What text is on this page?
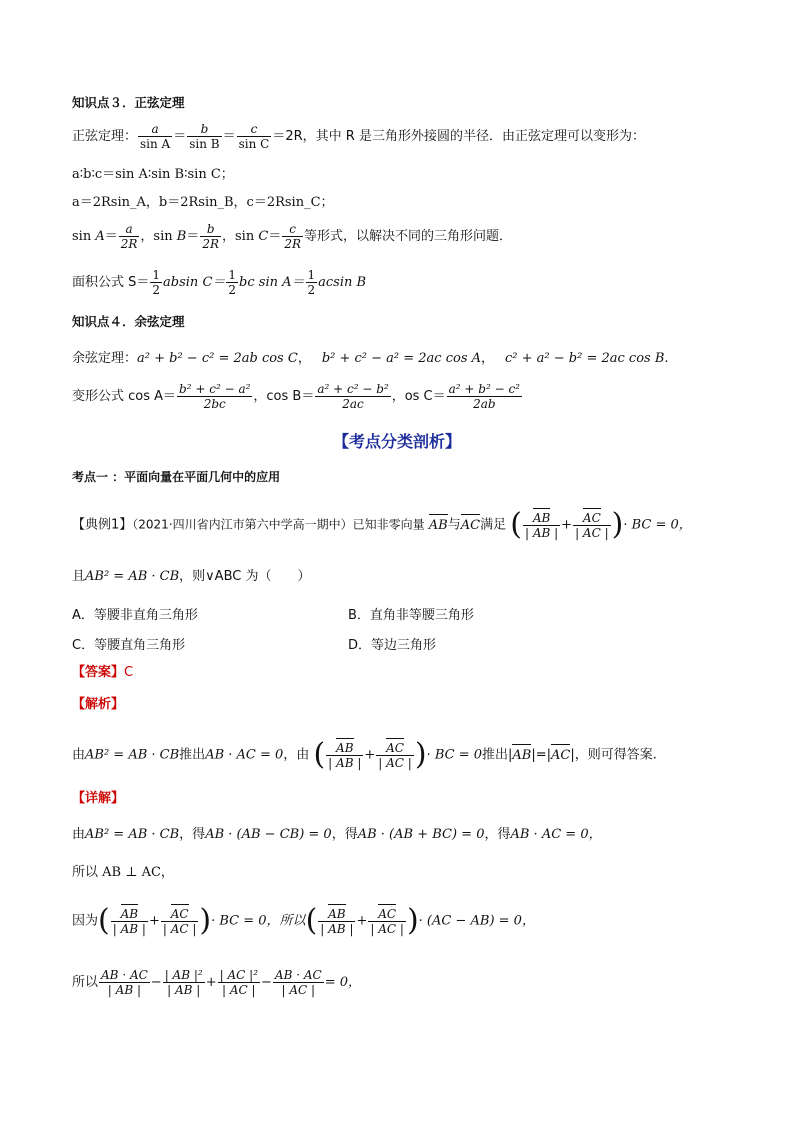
知识点３．正弦定理
正弦定理： $\frac{a}{\text{sin A}} = \frac{b}{\text{sin B}} = \frac{c}{\text{sin C}} =2R$，其中 R 是三角形外接圆的半径．由正弦定理可以变形为：
a∶b∶c＝sin A∶sin B∶sin C；
a＝2Rsin_A，b＝2Rsin_B，c＝2Rsin_C；
$\sin A= \frac{a}{2R}$ ，$\sin B= \frac{b}{2R}$ ，$\sin C= \frac{c}{2R}$ 等形式，以解决不同的三角形问题．
面积公式 $S= \frac{1}{2}$ absin $C= \frac{1}{2}$ bc $\sin A= \frac{1}{2}$ acsin B
知识点４．余弦定理
余弦定理：a² + b² − c² = 2ab cos C， b² + c² − a² = 2ac cos A， c² + a² − b² = 2ac cos B.
变形公式 $\cos A= \frac{\text{b² + c² − a²}}{2bc}$ ，$\cos B= \frac{\text{a² + c² − b²}}{2ac}$ ，os $C= \frac{\text{a² + b² − c²}}{2ab}$
【考点分类剖析】
考点一 ：平面向量在平面几何中的应用
【典例1】（2021·四川省内江市第六中学高一期中）已知非零向量 AB与AC满足 ( $\frac{AB}{| AB |} + \frac{AC}{| AC |}$ )· BC = 0，
且AB² = AB · CB，则∨ABC 为（　　）
A．等腰非直角三角形	B．直角非等腰三角形
C．等腰直角三角形	D．等边三角形
【答案】C
【解析】
由AB² = AB · CB推出AB · AC = 0，由 ( $\frac{AB}{| AB |} + \frac{AC}{| AC |}$ )· BC = 0推出|AB|=|AC|，则可得答案.
【详解】
由AB² = AB · CB，得AB · (AB − CB) = 0，得AB · (AB + BC) = 0，得AB · AC = 0，
所以 AB ⊥ AC，
因为( $\frac{AB}{| AB |} + \frac{AC}{| AC |}$ )· BC = 0，所以( $\frac{AB}{| AB |} + \frac{AC}{| AC |}$ )· (AC − AB) = 0，
所以 $\frac{AB \cdot AC}{| AB |} - \frac{\text{| AB |²}}{| AB |} + \frac{\text{| AC |²}}{| AC |} - \frac{AB \cdot AC}{| AC |} = 0$，
